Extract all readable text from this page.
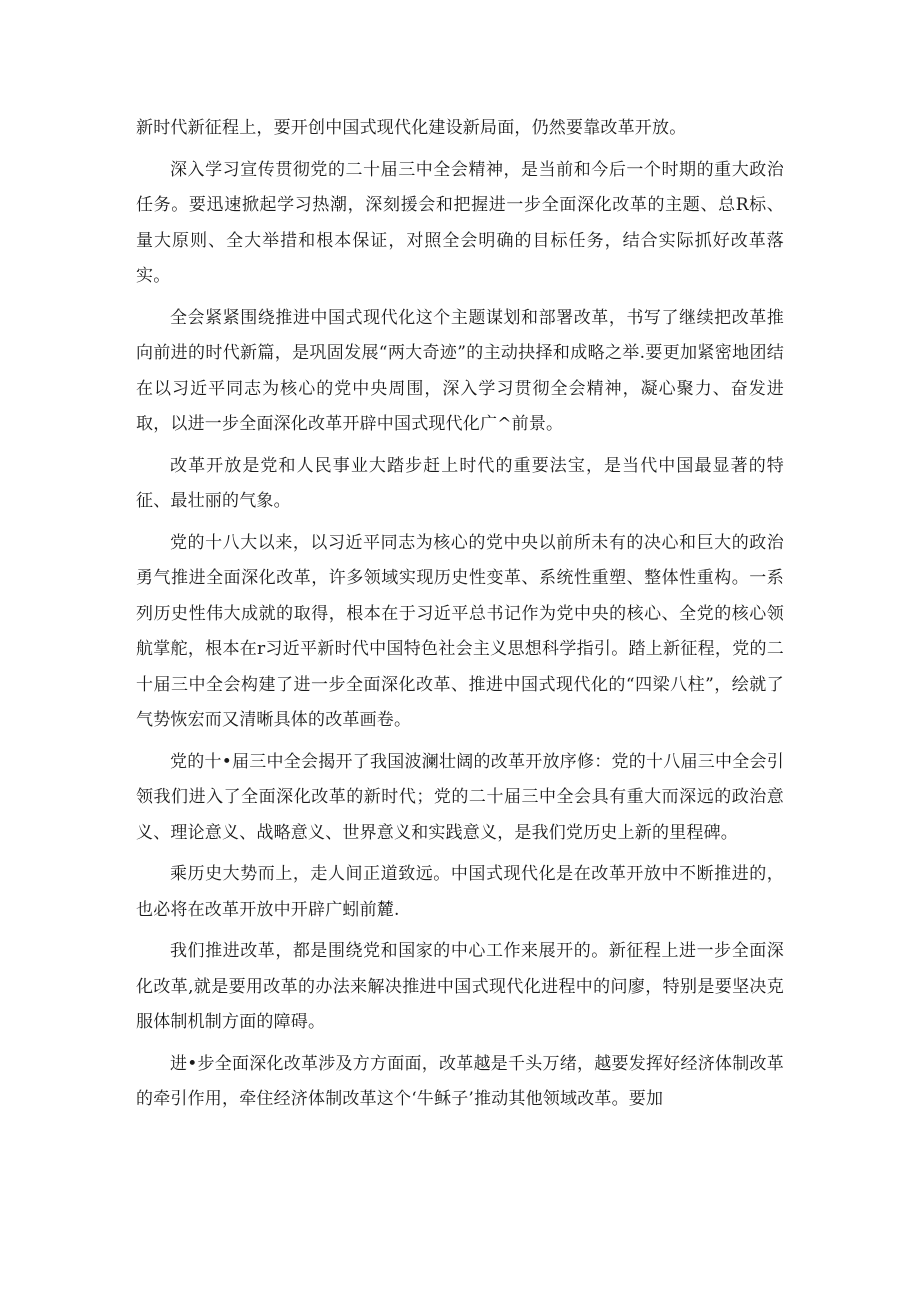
新时代新征程上，要开创中国式现代化建设新局面，仍然要靠改革开放。

深入学习宣传贯彻党的二十届三中全会精神，是当前和今后一个时期的重大政治任务。要迅速掀起学习热潮，深刻援会和把握进一步全面深化改革的主题、总R标、量大原则、全大举措和根本保证，对照全会明确的目标任务，结合实际抓好改革落实。

全会紧紧围绕推进中国式现代化这个主题谋划和部署改革，书写了继续把改革推向前进的时代新篇，是巩固发展“两大奇迹”的主动抉择和成略之举.要更加紧密地团结在以习近平同志为核心的党中央周围，深入学习贯彻全会精神，凝心聚力、奋发进取，以进一步全面深化改革开辟中国式现代化广^前景。

改革开放是党和人民事业大踏步赶上时代的重要法宝，是当代中国最显著的特征、最壮丽的气象。

党的十八大以来，以习近平同志为核心的党中央以前所未有的决心和巨大的政治勇气推进全面深化改革，许多领域实现历史性变革、系统性重塑、整体性重构。一系列历史性伟大成就的取得，根本在于习近平总书记作为党中央的核心、全党的核心领航掌舵，根本在r习近平新时代中国特色社会主义思想科学指引。踏上新征程，党的二十届三中全会构建了进一步全面深化改革、推进中国式现代化的“四梁八柱”，绘就了气势恢宏而又清晰具体的改革画卷。

党的十•届三中全会揭开了我国波澜壮阔的改革开放序修：党的十八届三中全会引领我们进入了全面深化改革的新时代；党的二十届三中全会具有重大而深远的政治意义、理论意义、战略意义、世界意义和实践意义，是我们党历史上新的里程碑。

乘历史大势而上，走人间正道致远。中国式现代化是在改革开放中不断推进的，也必将在改革开放中开辟广蚓前麓.

我们推进改革，都是围绕党和国家的中心工作来展开的。新征程上进一步全面深化改革,就是要用改革的办法来解决推进中国式现代化进程中的问廖，特别是要坚决克服体制机制方面的障碍。

进•步全面深化改革涉及方方面面，改革越是千头万绪，越要发挥好经济体制改革的牵引作用，牵住经济体制改革这个‘牛稣子’推动其他领域改革。要加
